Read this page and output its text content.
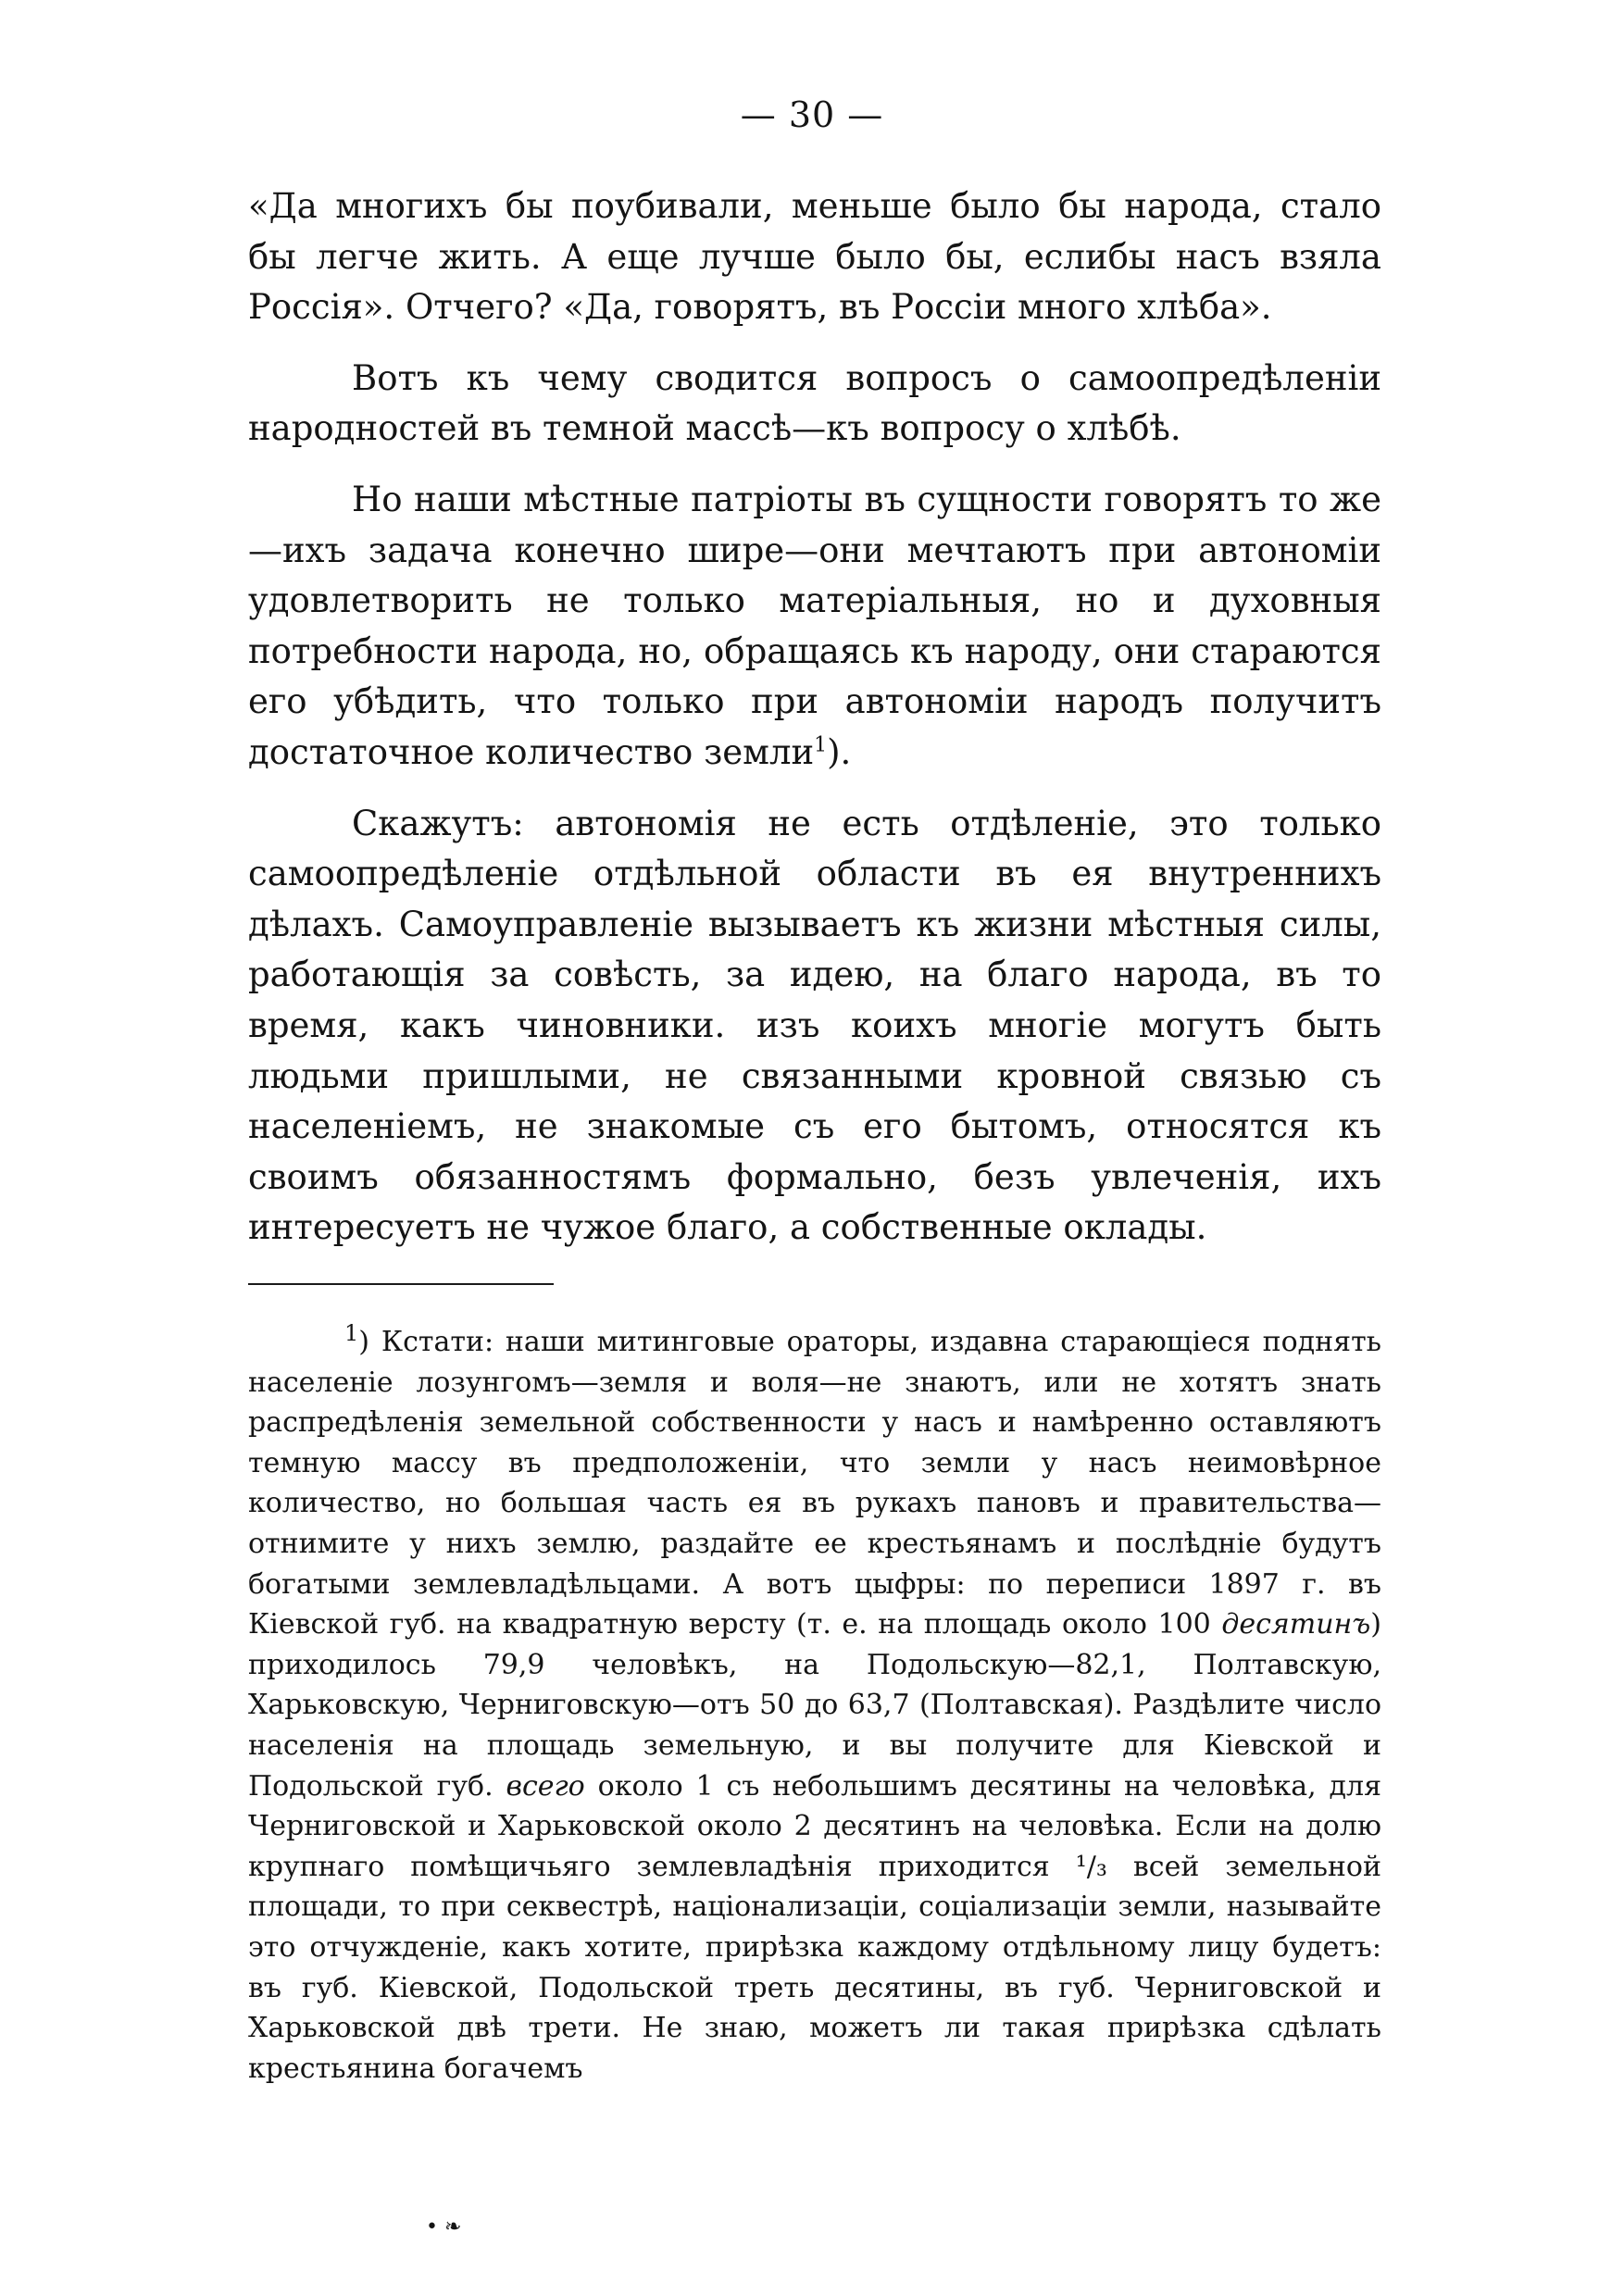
— 30 —

«Да многихъ бы поубивали, меньше было бы народа, стало бы легче жить. А еще лучше было бы, еслибы насъ взяла Россія». Отчего? «Да, говорятъ, въ Россіи много хлѣба».

Вотъ къ чему сводится вопросъ о самоопредѣленіи народностей въ темной массѣ—къ вопросу о хлѣбѣ.

Но наши мѣстные патріоты въ сущности говорятъ то же—ихъ задача конечно шире—они мечтаютъ при автономіи удовлетворить не только матеріальныя, но и духовныя потребности народа, но, обращаясь къ народу, они стараются его убѣдить, что только при автономіи народъ получитъ достаточное количество земли$^1$).

Скажутъ: автономія не есть отдѣленіе, это только самоопредѣленіе отдѣльной области въ ея внутреннихъ дѣлахъ. Самоуправленіе вызываетъ къ жизни мѣстныя силы, работающія за совѣсть, за идею, на благо народа, въ то время, какъ чиновники. изъ коихъ многіе могутъ быть людьми пришлыми, не связанными кровной связью съ населеніемъ, не знакомые съ его бытомъ, относятся къ своимъ обязанностямъ формально, безъ увлеченія, ихъ интересуетъ не чужое благо, а собственные оклады.

$^1$) Кстати: наши митинговые ораторы, издавна старающіеся поднять населеніе лозунгомъ—земля и воля—не знаютъ, или не хотятъ знать распредѣленія земельной собственности у насъ и намѣренно оставляютъ темную массу въ предположеніи, что земли у насъ неимовѣрное количество, но большая часть ея въ рукахъ пановъ и правительства—отнимите у нихъ землю, раздайте ее крестьянамъ и послѣдніе будутъ богатыми землевладѣльцами. А вотъ цыфры: по переписи 1897 г. въ Кіевской губ. на квадратную версту (т. е. на площадь около 100 десятинъ) приходилось 79,9 человѣкъ, на Подольскую—82,1, Полтавскую, Харьковскую, Черниговскую—отъ 50 до 63,7 (Полтавская). Раздѣлите число населенія на площадь земельную, и вы получите для Кіевской и Подольской губ. всего около 1 съ небольшимъ десятины на человѣка, для Черниговской и Харьковской около 2 десятинъ на человѣка. Если на долю крупнаго помѣщичьяго землевладѣнія приходится ¹/₃ всей земельной площади, то при секвестрѣ, націонализаціи, соціализаціи земли, называйте это отчужденіе, какъ хотите, прирѣзка каждому отдѣльному лицу будетъ: въ губ. Кіевской, Подольской треть десятины, въ губ. Черниговской и Харьковской двѣ трети. Не знаю, можетъ ли такая прирѣзка сдѣлать крестьянина богачемъ

• ❧
